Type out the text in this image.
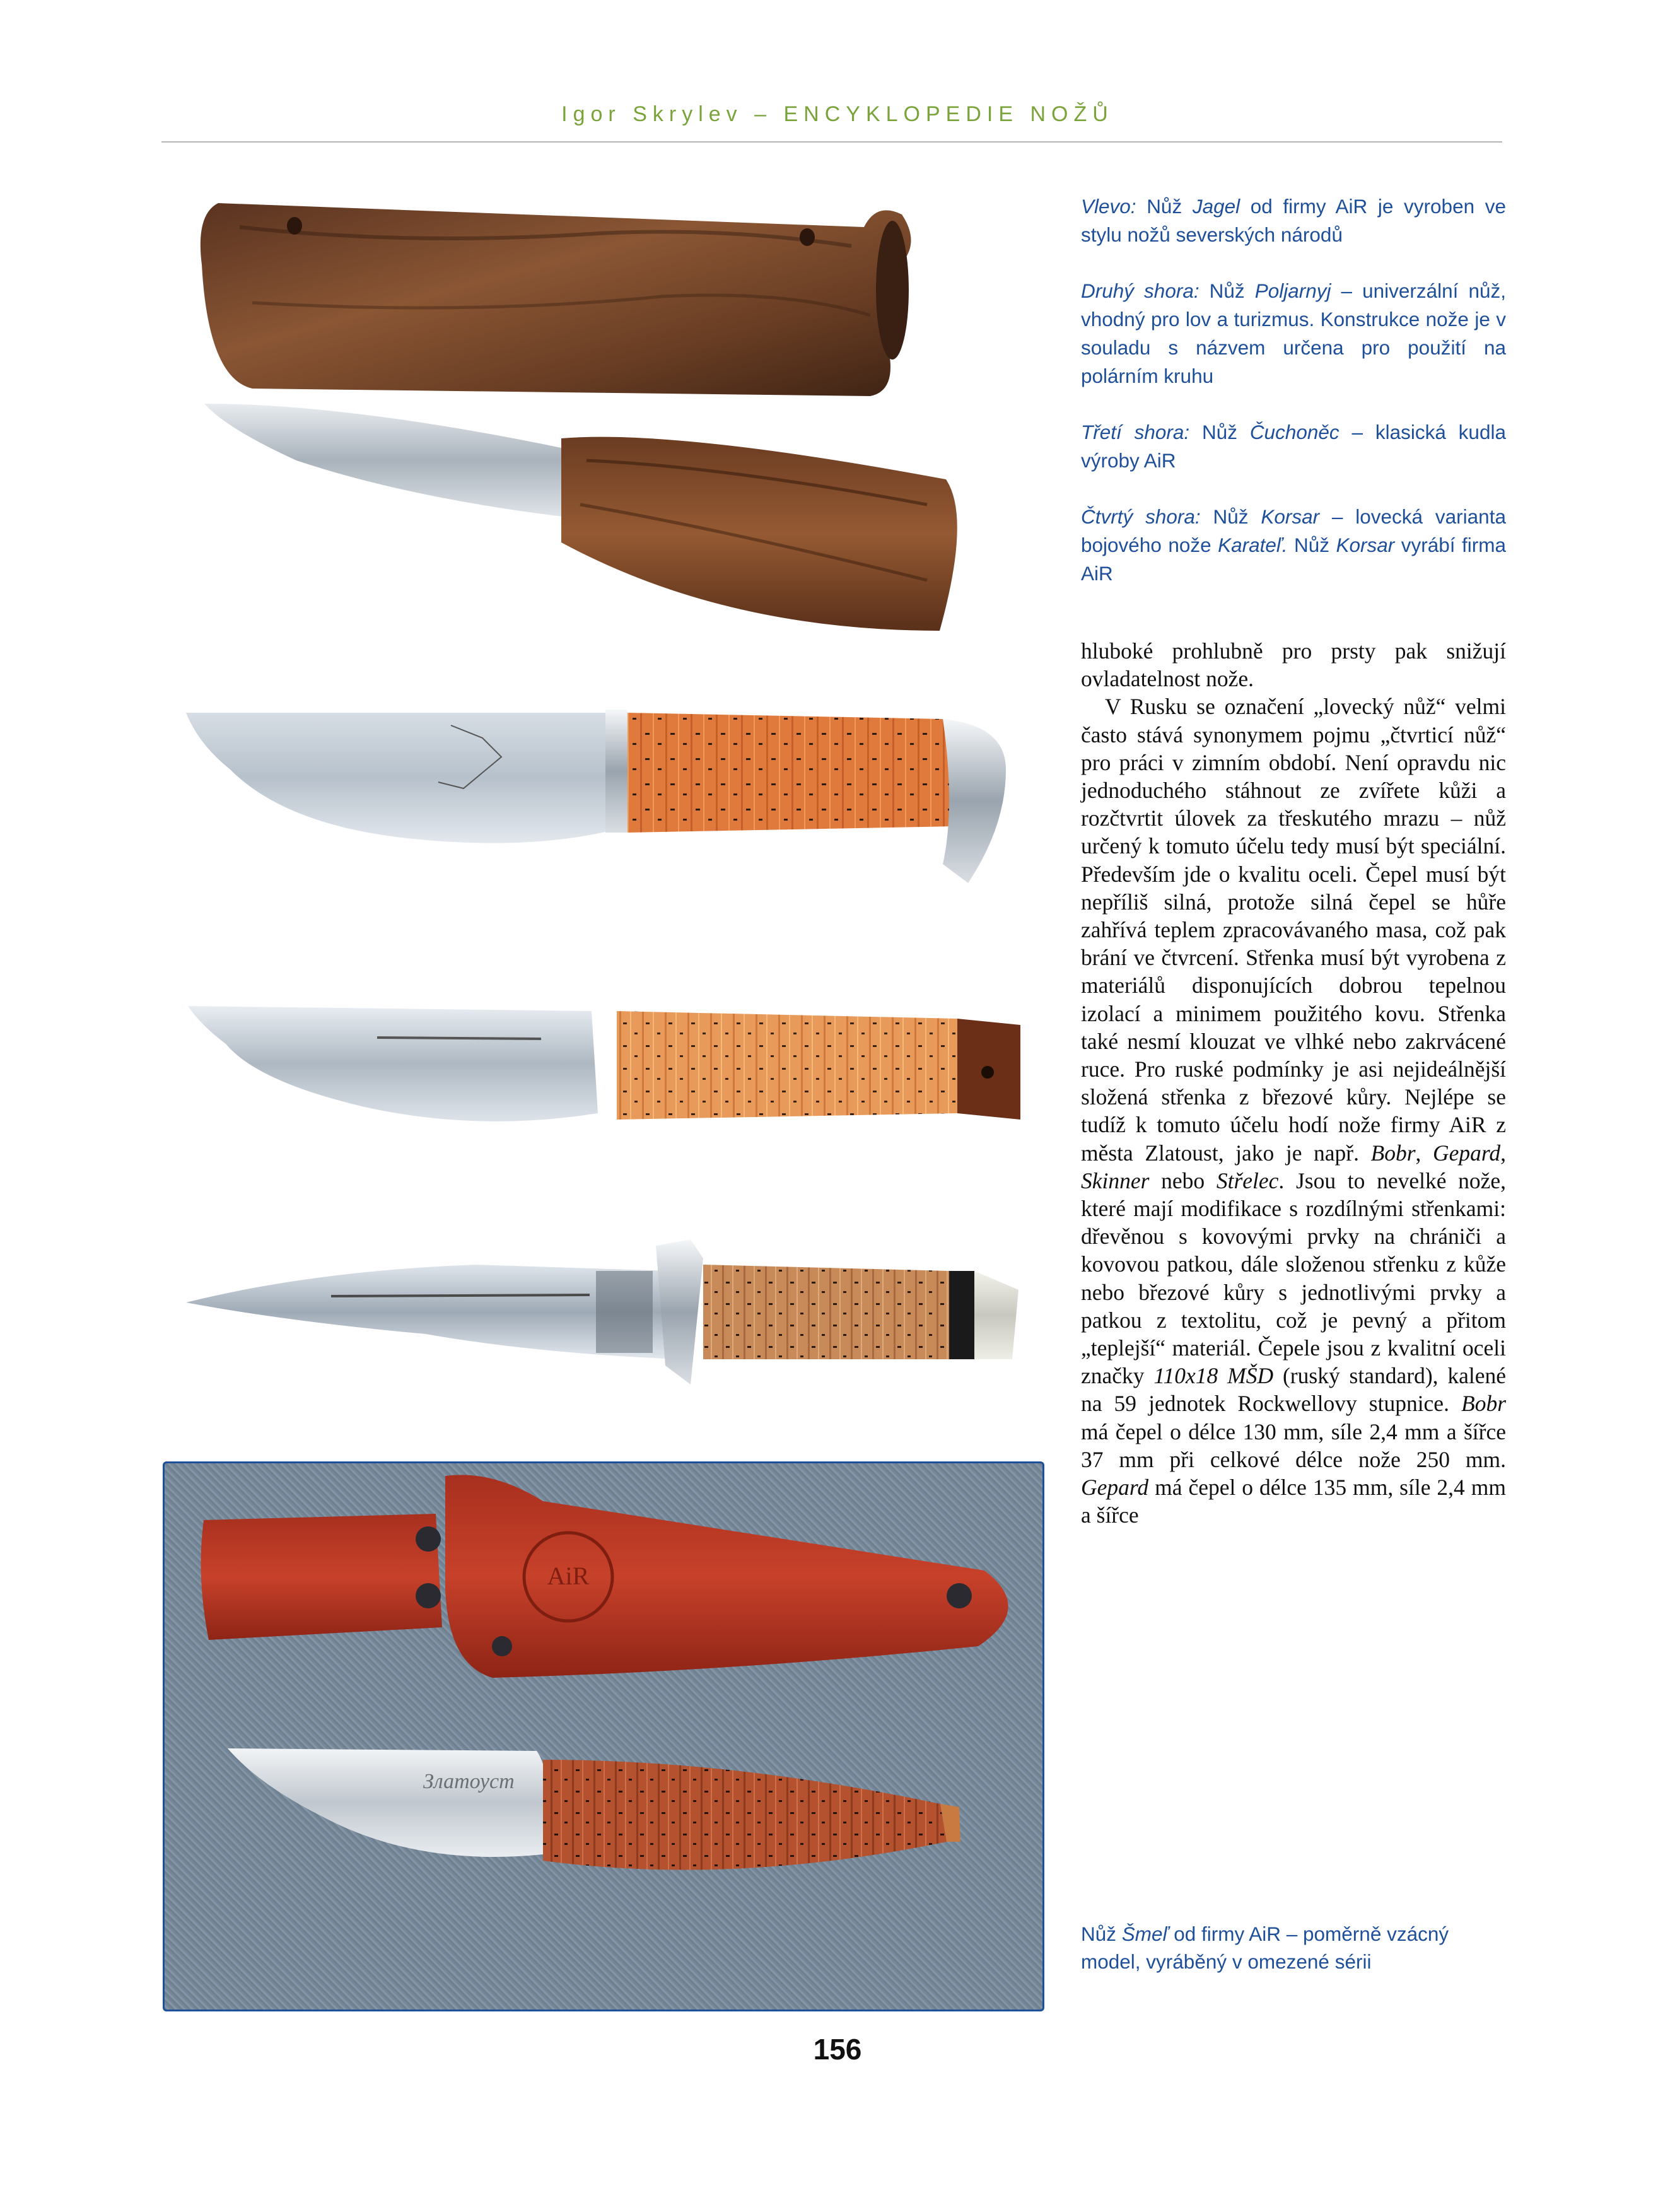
Igor Skrylev – ENCYKLOPEDIE NOŽŮ
AiR
Златоуст

Vlevo: Nůž Jagel od firmy AiR je vyroben ve stylu nožů severských národů

Druhý shora: Nůž Poljarnyj – univerzální nůž, vhodný pro lov a turizmus. Konstrukce nože je v souladu s názvem určena pro použití na polárním kruhu

Třetí shora: Nůž Čuchoněc – klasická kudla výroby AiR

Čtvrtý shora: Nůž Korsar – lovecká varianta bojového nože Karateľ. Nůž Korsar vyrábí firma AiR

hluboké prohlubně pro prsty pak snižují ovladatelnost nože.

V Rusku se označení „lovecký nůž“ velmi často stává synonymem pojmu „čtvrticí nůž“ pro práci v zimním období. Není opravdu nic jednoduchého stáhnout ze zvířete kůži a rozčtvrtit úlovek za třeskutého mrazu – nůž určený k tomuto účelu tedy musí být speciální. Především jde o kvalitu oceli. Čepel musí být nepříliš silná, protože silná čepel se hůře zahřívá teplem zpracovávaného masa, což pak brání ve čtvrcení. Střenka musí být vyrobena z materiálů disponujících dobrou tepelnou izolací a minimem použitého kovu. Střenka také nesmí klouzat ve vlhké nebo zakrvácené ruce. Pro ruské podmínky je asi nejideálnější složená střenka z březové kůry. Nejlépe se tudíž k tomuto účelu hodí nože firmy AiR z města Zlatoust, jako je např. Bobr, Gepard, Skinner nebo Střelec. Jsou to nevelké nože, které mají modifikace s rozdílnými střenkami: dřevěnou s kovovými prvky na chrániči a kovovou patkou, dále složenou střenku z kůže nebo březové kůry s jednotlivými prvky a patkou z textolitu, což je pevný a přitom „teplejší“ materiál. Čepele jsou z kvalitní oceli značky 110x18 MŠD (ruský standard), kalené na 59 jednotek Rockwellovy stupnice. Bobr má čepel o délce 130 mm, síle 2,4 mm a šířce 37 mm při celkové délce nože 250 mm. Gepard má čepel o délce 135 mm, síle 2,4 mm a šířce

Nůž Šmeľ od firmy AiR – poměrně vzácný model, vyráběný v omezené sérii
156
